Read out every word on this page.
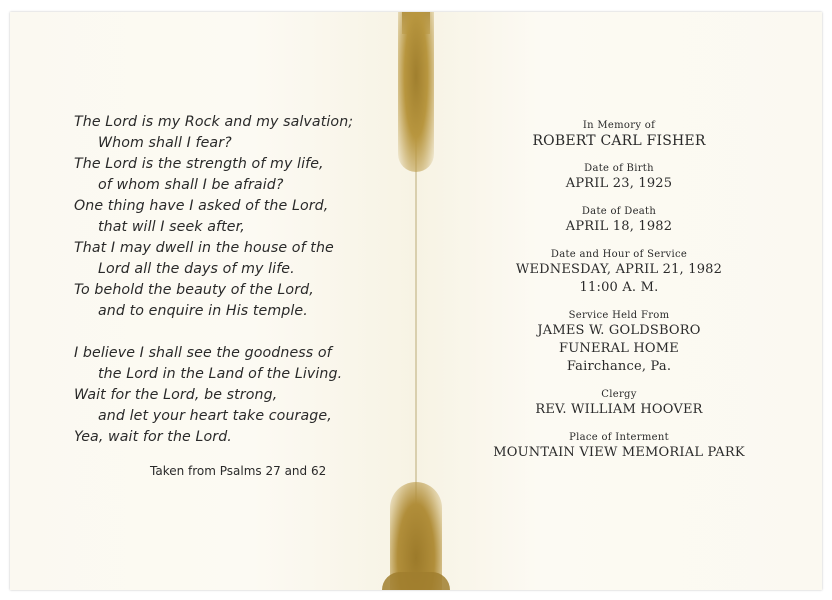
The Lord is my Rock and my salvation;
Whom shall I fear?
The Lord is the strength of my life,
of whom shall I be afraid?
One thing have I asked of the Lord,
that will I seek after,
That I may dwell in the house of the
Lord all the days of my life.
To behold the beauty of the Lord,
and to enquire in His temple.
I believe I shall see the goodness of
the Lord in the Land of the Living.
Wait for the Lord, be strong,
and let your heart take courage,
Yea, wait for the Lord.
Taken from Psalms 27 and 62
In Memory of
ROBERT CARL FISHER
Date of Birth
APRIL 23, 1925
Date of Death
APRIL 18, 1982
Date and Hour of Service
WEDNESDAY, APRIL 21, 1982
11:00 A. M.
Service Held From
JAMES W. GOLDSBORO
FUNERAL HOME
Fairchance, Pa.
Clergy
REV. WILLIAM HOOVER
Place of Interment
MOUNTAIN VIEW MEMORIAL PARK
